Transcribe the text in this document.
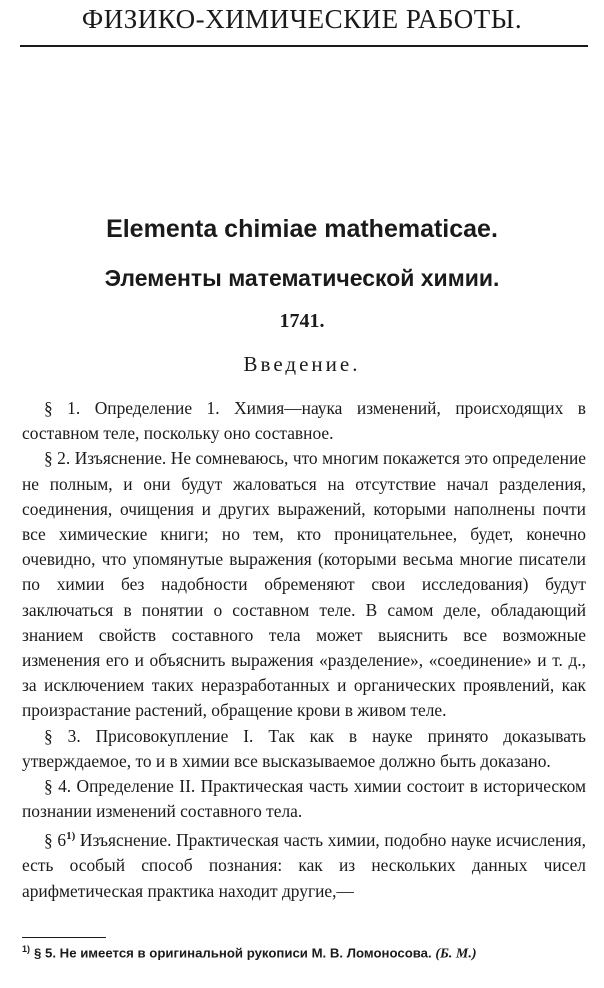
ФИЗИКО-ХИМИЧЕСКИЕ РАБОТЫ.
Elementa chimiae mathematicae.
Элементы математической химии.
1741.
Введение.

§ 1. Определение 1. Химия—наука изменений, происходящих в составном теле, поскольку оно составное.

§ 2. Изъяснение. Не сомневаюсь, что многим покажется это определение не полным, и они будут жаловаться на отсутствие начал разделения, соединения, очищения и других выражений, которыми наполнены почти все химические книги; но тем, кто проницательнее, будет, конечно очевидно, что упомянутые выражения (которыми весьма многие писатели по химии без надобности обременяют свои исследования) будут заключаться в понятии о составном теле. В самом деле, обладающий знанием свойств составного тела может выяснить все возможные изменения его и объяснить выражения «разделение», «соединение» и т. д., за исключением таких неразработанных и органических проявлений, как произрастание растений, обращение крови в живом теле.

§ 3. Присовокупление I. Так как в науке принято доказывать утверждаемое, то и в химии все высказываемое должно быть доказано.

§ 4. Определение II. Практическая часть химии состоит в историческом познании изменений составного тела.

§ 6$^{1)}$ Изъяснение. Практическая часть химии, подобно науке исчисления, есть особый способ познания: как из нескольких данных чисел арифметическая практика находит другие,—

$^{1)}$ § 5. Не имеется в оригинальной рукописи М. В. Ломоносова. (Б. М.)
